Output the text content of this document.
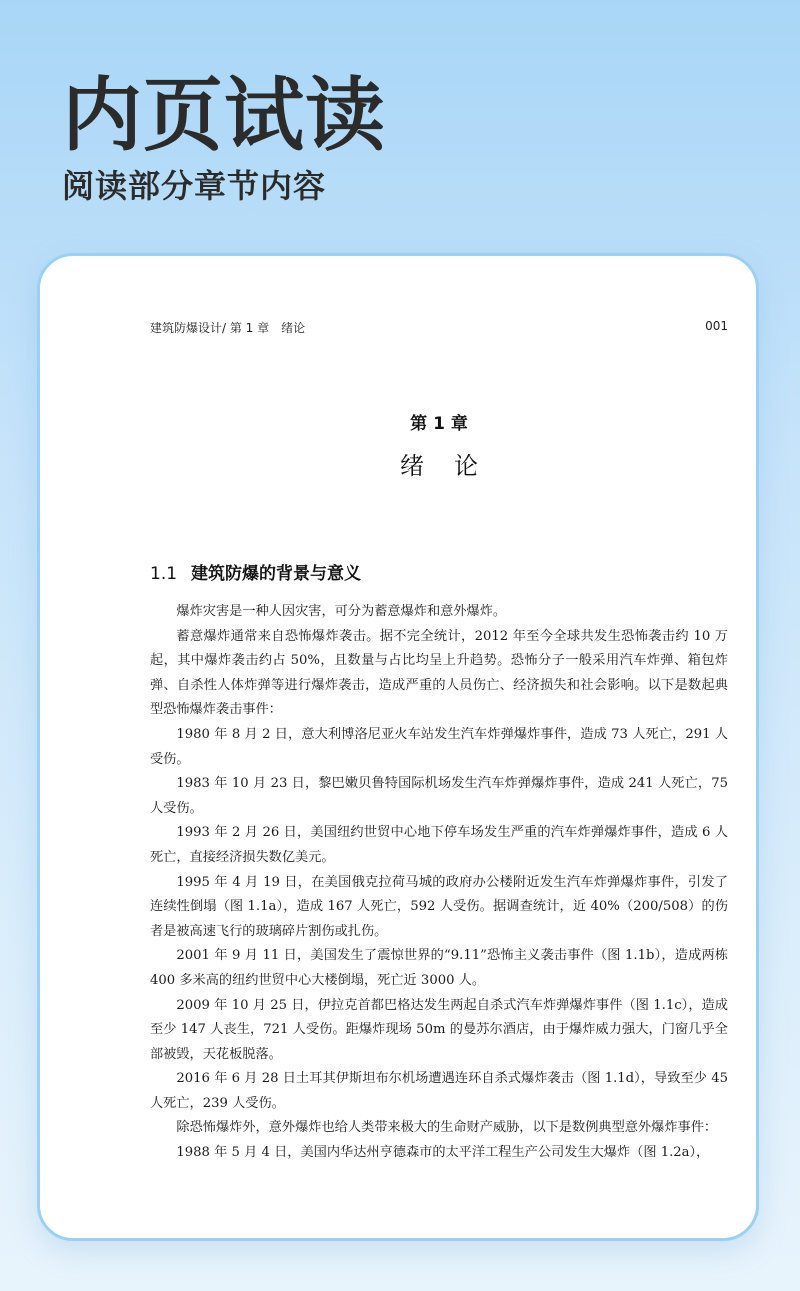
内页试读
阅读部分章节内容
建筑防爆设计/ 第 1 章　绪论	001
第 1 章
绪论
1.1 建筑防爆的背景与意义

爆炸灾害是一种人因灾害，可分为蓄意爆炸和意外爆炸。

蓄意爆炸通常来自恐怖爆炸袭击。据不完全统计，2012 年至今全球共发生恐怖袭击约 10 万起，其中爆炸袭击约占 50%，且数量与占比均呈上升趋势。恐怖分子一般采用汽车炸弹、箱包炸弹、自杀性人体炸弹等进行爆炸袭击，造成严重的人员伤亡、经济损失和社会影响。以下是数起典型恐怖爆炸袭击事件：

1980 年 8 月 2 日，意大利博洛尼亚火车站发生汽车炸弹爆炸事件，造成 73 人死亡，291 人受伤。

1983 年 10 月 23 日，黎巴嫩贝鲁特国际机场发生汽车炸弹爆炸事件，造成 241 人死亡，75 人受伤。

1993 年 2 月 26 日，美国纽约世贸中心地下停车场发生严重的汽车炸弹爆炸事件，造成 6 人死亡，直接经济损失数亿美元。

1995 年 4 月 19 日，在美国俄克拉荷马城的政府办公楼附近发生汽车炸弹爆炸事件，引发了连续性倒塌（图 1.1a），造成 167 人死亡，592 人受伤。据调查统计，近 40%（200/508）的伤者是被高速飞行的玻璃碎片割伤或扎伤。

2001 年 9 月 11 日，美国发生了震惊世界的“9.11”恐怖主义袭击事件（图 1.1b），造成两栋 400 多米高的纽约世贸中心大楼倒塌，死亡近 3000 人。

2009 年 10 月 25 日，伊拉克首都巴格达发生两起自杀式汽车炸弹爆炸事件（图 1.1c），造成至少 147 人丧生，721 人受伤。距爆炸现场 50m 的曼苏尔酒店，由于爆炸威力强大，门窗几乎全部被毁，天花板脱落。

2016 年 6 月 28 日土耳其伊斯坦布尔机场遭遇连环自杀式爆炸袭击（图 1.1d），导致至少 45 人死亡，239 人受伤。

除恐怖爆炸外，意外爆炸也给人类带来极大的生命财产威胁，以下是数例典型意外爆炸事件：

1988 年 5 月 4 日，美国内华达州亨德森市的太平洋工程生产公司发生大爆炸（图 1.2a），
